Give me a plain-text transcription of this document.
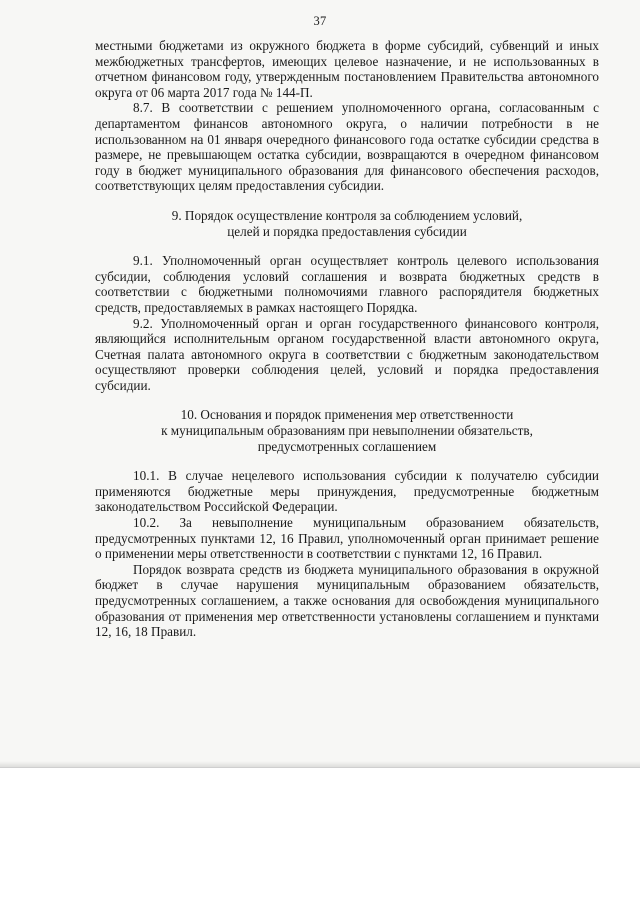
37

местными бюджетами из окружного бюджета в форме субсидий, субвенций и иных межбюджетных трансфертов, имеющих целевое назначение, и не использованных в отчетном финансовом году, утвержденным постановлением Правительства автономного округа от 06 марта 2017 года № 144-П.

8.7. В соответствии с решением уполномоченного органа, согласованным с департаментом финансов автономного округа, о наличии потребности в не использованном на 01 января очередного финансового года остатке субсидии средства в размере, не превышающем остатка субсидии, возвращаются в очередном финансовом году в бюджет муниципального образования для финансового обеспечения расходов, соответствующих целям предоставления субсидии.

9. Порядок осуществление контроля за соблюдением условий,
целей и порядка предоставления субсидии

9.1. Уполномоченный орган осуществляет контроль целевого использования субсидии, соблюдения условий соглашения и возврата бюджетных средств в соответствии с бюджетными полномочиями главного распорядителя бюджетных средств, предоставляемых в рамках настоящего Порядка.

9.2. Уполномоченный орган и орган государственного финансового контроля, являющийся исполнительным органом государственной власти автономного округа, Счетная палата автономного округа в соответствии с бюджетным законодательством осуществляют проверки соблюдения целей, условий и порядка предоставления субсидии.

10. Основания и порядок применения мер ответственности
к муниципальным образованиям при невыполнении обязательств,
предусмотренных соглашением

10.1. В случае нецелевого использования субсидии к получателю субсидии применяются бюджетные меры принуждения, предусмотренные бюджетным законодательством Российской Федерации.

10.2. За невыполнение муниципальным образованием обязательств, предусмотренных пунктами 12, 16 Правил, уполномоченный орган принимает решение о применении меры ответственности в соответствии с пунктами 12, 16 Правил.

Порядок возврата средств из бюджета муниципального образования в окружной бюджет в случае нарушения муниципальным образованием обязательств, предусмотренных соглашением, а также основания для освобождения муниципального образования от применения мер ответственности установлены соглашением и пунктами 12, 16, 18 Правил.
